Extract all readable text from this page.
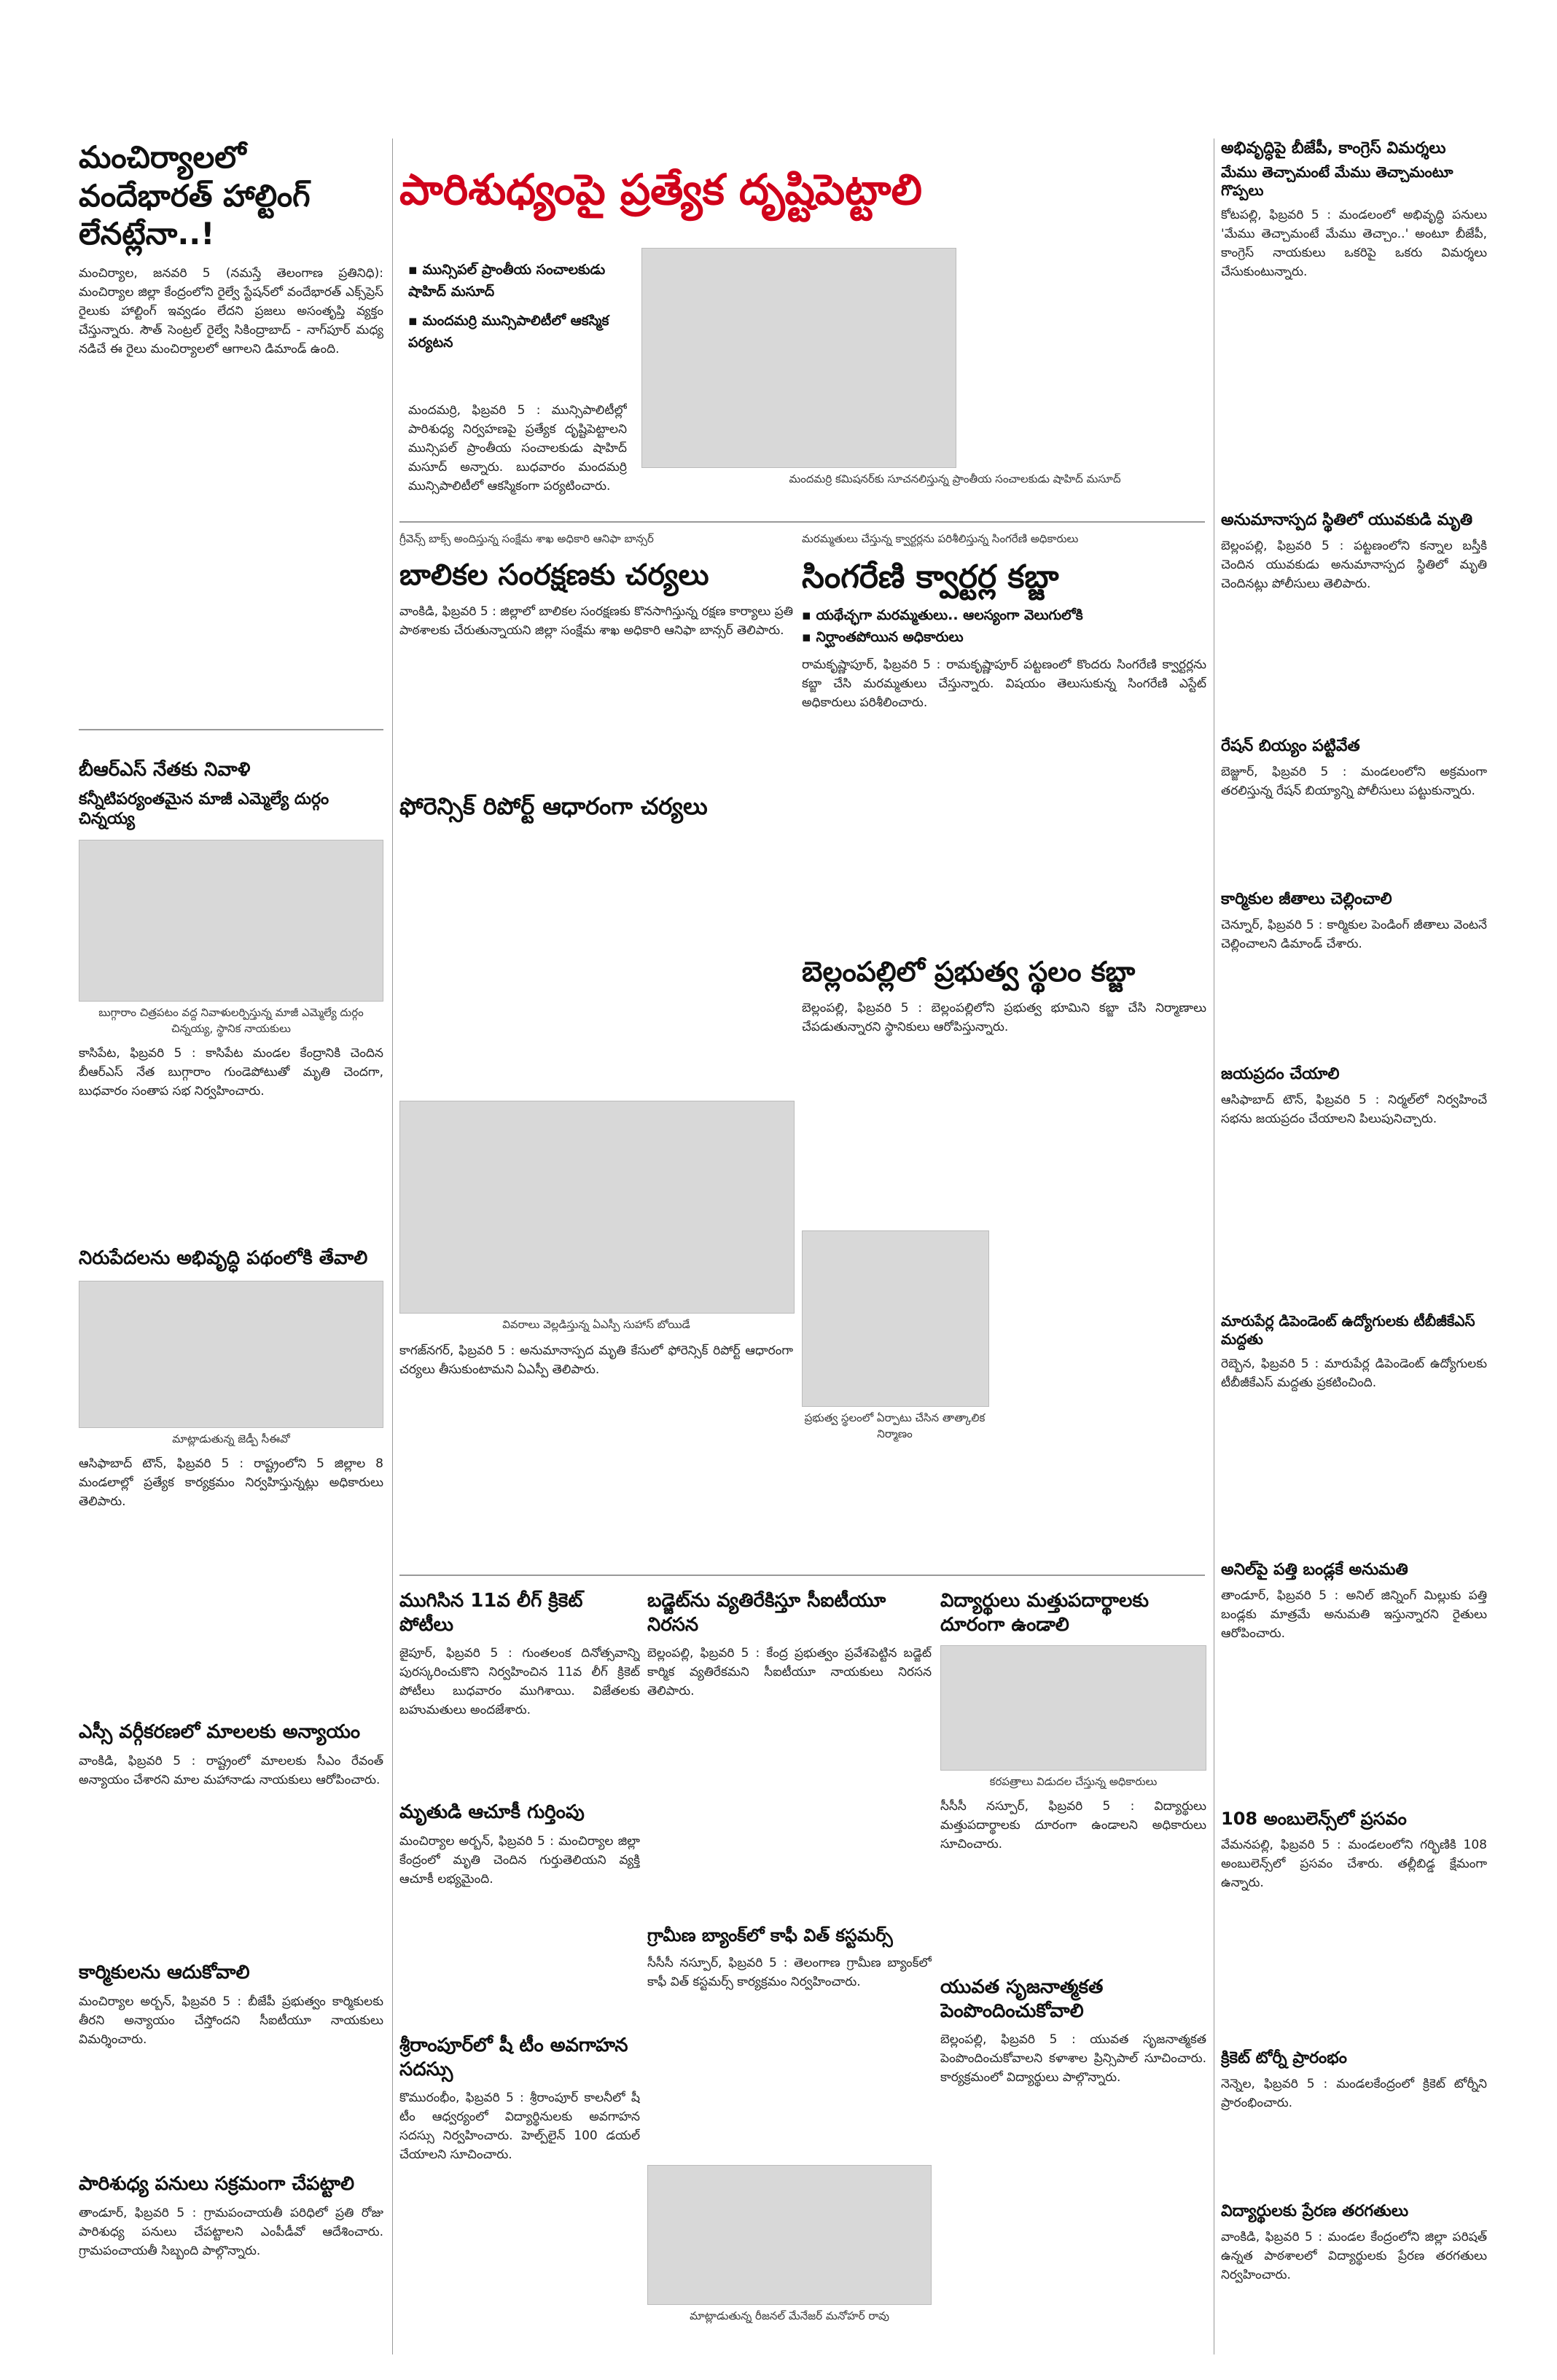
మంచిర్యాలలో వందేభారత్ హాల్టింగ్ లేనట్లేనా..!
మంచిర్యాల, జనవరి 5 (నమస్తే తెలంగాణ ప్రతినిధి): మంచిర్యాల జిల్లా కేంద్రంలోని రైల్వే స్టేషన్‌లో వందేభారత్ ఎక్స్‌ప్రెస్ రైలుకు హాల్టింగ్ ఇవ్వడం లేదని ప్రజలు అసంతృప్తి వ్యక్తం చేస్తున్నారు. సౌత్ సెంట్రల్ రైల్వే సికింద్రాబాద్ - నాగ్‌పూర్ మధ్య నడిచే ఈ రైలు మంచిర్యాలలో ఆగాలని డిమాండ్ ఉంది.
బీఆర్ఎస్ నేతకు నివాళి
కన్నీటిపర్యంతమైన మాజీ ఎమ్మెల్యే దుర్గం చిన్నయ్య
బుగ్గారాం చిత్రపటం వద్ద నివాళులర్పిస్తున్న మాజీ ఎమ్మెల్యే దుర్గం చిన్నయ్య, స్థానిక నాయకులు
కాసిపేట, ఫిబ్రవరి 5 : కాసిపేట మండల కేంద్రానికి చెందిన బీఆర్ఎస్ నేత బుగ్గారాం గుండెపోటుతో మృతి చెందగా, బుధవారం సంతాప సభ నిర్వహించారు.
నిరుపేదలను అభివృద్ధి పథంలోకి తేవాలి
మాట్లాడుతున్న జెడ్పీ సీఈవో
ఆసిఫాబాద్ టౌన్, ఫిబ్రవరి 5 : రాష్ట్రంలోని 5 జిల్లాల 8 మండలాల్లో ప్రత్యేక కార్యక్రమం నిర్వహిస్తున్నట్లు అధికారులు తెలిపారు.
ఎస్సీ వర్గీకరణలో మాలలకు అన్యాయం
వాంకిడి, ఫిబ్రవరి 5 : రాష్ట్రంలో మాలలకు సీఎం రేవంత్ అన్యాయం చేశారని మాల మహానాడు నాయకులు ఆరోపించారు.
కార్మికులను ఆదుకోవాలి
మంచిర్యాల అర్బన్, ఫిబ్రవరి 5 : బీజేపీ ప్రభుత్వం కార్మికులకు తీరని అన్యాయం చేస్తోందని సీఐటీయూ నాయకులు విమర్శించారు.
పారిశుధ్య పనులు సక్రమంగా చేపట్టాలి
తాండూర్, ఫిబ్రవరి 5 : గ్రామపంచాయతీ పరిధిలో ప్రతి రోజు పారిశుధ్య పనులు చేపట్టాలని ఎంపీడీవో ఆదేశించారు. గ్రామపంచాయతీ సిబ్బంది పాల్గొన్నారు.
పారిశుధ్యంపై ప్రత్యేక దృష్టిపెట్టాలి
▪ మున్సిపల్ ప్రాంతీయ సంచాలకుడు షాహిద్ మసూద్
▪ మందమర్రి మున్సిపాలిటీలో ఆకస్మిక పర్యటన
మందమర్రి కమిషనర్‌కు సూచనలిస్తున్న ప్రాంతీయ సంచాలకుడు షాహిద్ మసూద్
మందమర్రి, ఫిబ్రవరి 5 : మున్సిపాలిటీల్లో పారిశుధ్య నిర్వహణపై ప్రత్యేక దృష్టిపెట్టాలని మున్సిపల్ ప్రాంతీయ సంచాలకుడు షాహిద్ మసూద్ అన్నారు. బుధవారం మందమర్రి మున్సిపాలిటీలో ఆకస్మికంగా పర్యటించారు.
గ్రీవెన్స్ బాక్స్ అందిస్తున్న సంక్షేమ శాఖ అధికారి ఆనిఫా బాన్సర్
బాలికల సంరక్షణకు చర్యలు
వాంకిడి, ఫిబ్రవరి 5 : జిల్లాలో బాలికల సంరక్షణకు కొనసాగిస్తున్న రక్షణ కార్యాలు ప్రతి పాఠశాలకు చేరుతున్నాయని జిల్లా సంక్షేమ శాఖ అధికారి ఆనిఫా బాన్సర్ తెలిపారు.
ఫోరెన్సిక్ రిపోర్ట్ ఆధారంగా చర్యలు
మరమ్మతులు చేస్తున్న క్వార్టర్లను పరిశీలిస్తున్న సింగరేణి అధికారులు
సింగరేణి క్వార్టర్ల కబ్జా
▪ యథేచ్ఛగా మరమ్మతులు.. ఆలస్యంగా వెలుగులోకి
▪ నిర్ఘాంతపోయిన అధికారులు
రామకృష్ణాపూర్, ఫిబ్రవరి 5 : రామకృష్ణాపూర్ పట్టణంలో కొందరు సింగరేణి క్వార్టర్లను కబ్జా చేసి మరమ్మతులు చేస్తున్నారు. విషయం తెలుసుకున్న సింగరేణి ఎస్టేట్ అధికారులు పరిశీలించారు.
వివరాలు వెల్లడిస్తున్న ఏఎస్పీ సుహాస్ బోయిడే
కాగజ్‌నగర్, ఫిబ్రవరి 5 : అనుమానాస్పద మృతి కేసులో ఫోరెన్సిక్ రిపోర్ట్ ఆధారంగా చర్యలు తీసుకుంటామని ఏఎస్పీ తెలిపారు.
బెల్లంపల్లిలో ప్రభుత్వ స్థలం కబ్జా
బెల్లంపల్లి, ఫిబ్రవరి 5 : బెల్లంపల్లిలోని ప్రభుత్వ భూమిని కబ్జా చేసి నిర్మాణాలు చేపడుతున్నారని స్థానికులు ఆరోపిస్తున్నారు.
ప్రభుత్వ స్థలంలో ఏర్పాటు చేసిన తాత్కాలిక నిర్మాణం
ముగిసిన 11వ లీగ్ క్రికెట్ పోటీలు
జైపూర్, ఫిబ్రవరి 5 : గుంతలంక దినోత్సవాన్ని పురస్కరించుకొని నిర్వహించిన 11వ లీగ్ క్రికెట్ పోటీలు బుధవారం ముగిశాయి. విజేతలకు బహుమతులు అందజేశారు.
మృతుడి ఆచూకీ గుర్తింపు
మంచిర్యాల అర్బన్, ఫిబ్రవరి 5 : మంచిర్యాల జిల్లా కేంద్రంలో మృతి చెందిన గుర్తుతెలియని వ్యక్తి ఆచూకీ లభ్యమైంది.
శ్రీరాంపూర్‌లో షీ టీం అవగాహన సదస్సు
కొమురంభీం, ఫిబ్రవరి 5 : శ్రీరాంపూర్ కాలనీలో షీ టీం ఆధ్వర్యంలో విద్యార్థినులకు అవగాహన సదస్సు నిర్వహించారు. హెల్ప్‌లైన్ 100 డయల్ చేయాలని సూచించారు.
బడ్జెట్‌ను వ్యతిరేకిస్తూ సీఐటీయూ నిరసన
బెల్లంపల్లి, ఫిబ్రవరి 5 : కేంద్ర ప్రభుత్వం ప్రవేశపెట్టిన బడ్జెట్ కార్మిక వ్యతిరేకమని సీఐటీయూ నాయకులు నిరసన తెలిపారు.
గ్రామీణ బ్యాంక్‌లో కాఫీ విత్ కస్టమర్స్
సీసీసీ నస్పూర్, ఫిబ్రవరి 5 : తెలంగాణ గ్రామీణ బ్యాంక్‌లో కాఫీ విత్ కస్టమర్స్ కార్యక్రమం నిర్వహించారు.
మాట్లాడుతున్న రీజనల్ మేనేజర్ మనోహర్ రావు
విద్యార్థులు మత్తుపదార్థాలకు దూరంగా ఉండాలి
కరపత్రాలు విడుదల చేస్తున్న అధికారులు
సీసీసీ నస్పూర్, ఫిబ్రవరి 5 : విద్యార్థులు మత్తుపదార్థాలకు దూరంగా ఉండాలని అధికారులు సూచించారు.
యువత సృజనాత్మకత పెంపొందించుకోవాలి
బెల్లంపల్లి, ఫిబ్రవరి 5 : యువత సృజనాత్మకత పెంపొందించుకోవాలని కళాశాల ప్రిన్సిపాల్ సూచించారు. కార్యక్రమంలో విద్యార్థులు పాల్గొన్నారు.
అభివృద్ధిపై బీజేపీ, కాంగ్రెస్ విమర్శలు
మేము తెచ్చామంటే మేము తెచ్చామంటూ గొప్పలు
కోటపల్లి, ఫిబ్రవరి 5 : మండలంలో అభివృద్ధి పనులు 'మేము తెచ్చామంటే మేము తెచ్చాం..' అంటూ బీజేపీ, కాంగ్రెస్ నాయకులు ఒకరిపై ఒకరు విమర్శలు చేసుకుంటున్నారు.
అనుమానాస్పద స్థితిలో యువకుడి మృతి
బెల్లంపల్లి, ఫిబ్రవరి 5 : పట్టణంలోని కన్నాల బస్తీకి చెందిన యువకుడు అనుమానాస్పద స్థితిలో మృతి చెందినట్లు పోలీసులు తెలిపారు.
రేషన్ బియ్యం పట్టివేత
బెజ్జూర్, ఫిబ్రవరి 5 : మండలంలోని అక్రమంగా తరలిస్తున్న రేషన్ బియ్యాన్ని పోలీసులు పట్టుకున్నారు.
కార్మికుల జీతాలు చెల్లించాలి
చెన్నూర్, ఫిబ్రవరి 5 : కార్మికుల పెండింగ్ జీతాలు వెంటనే చెల్లించాలని డిమాండ్ చేశారు.
జయప్రదం చేయాలి
ఆసిఫాబాద్ టౌన్, ఫిబ్రవరి 5 : నిర్మల్‌లో నిర్వహించే సభను జయప్రదం చేయాలని పిలుపునిచ్చారు.
మారుపేర్ల డిపెండెంట్ ఉద్యోగులకు టీబీజీకేఎస్ మద్దతు
రెబ్బెన, ఫిబ్రవరి 5 : మారుపేర్ల డిపెండెంట్ ఉద్యోగులకు టీబీజీకేఎస్ మద్దతు ప్రకటించింది.
అనిల్‌పై పత్తి బండ్లకే అనుమతి
తాండూర్, ఫిబ్రవరి 5 : అనిల్ జిన్నింగ్ మిల్లుకు పత్తి బండ్లకు మాత్రమే అనుమతి ఇస్తున్నారని రైతులు ఆరోపించారు.
108 అంబులెన్స్‌లో ప్రసవం
వేమనపల్లి, ఫిబ్రవరి 5 : మండలంలోని గర్భిణికి 108 అంబులెన్స్‌లో ప్రసవం చేశారు. తల్లీబిడ్డ క్షేమంగా ఉన్నారు.
క్రికెట్ టోర్నీ ప్రారంభం
నెన్నెల, ఫిబ్రవరి 5 : మండలకేంద్రంలో క్రికెట్ టోర్నీని ప్రారంభించారు.
విద్యార్థులకు ప్రేరణ తరగతులు
వాంకిడి, ఫిబ్రవరి 5 : మండల కేంద్రంలోని జిల్లా పరిషత్ ఉన్నత పాఠశాలలో విద్యార్థులకు ప్రేరణ తరగతులు నిర్వహించారు.
